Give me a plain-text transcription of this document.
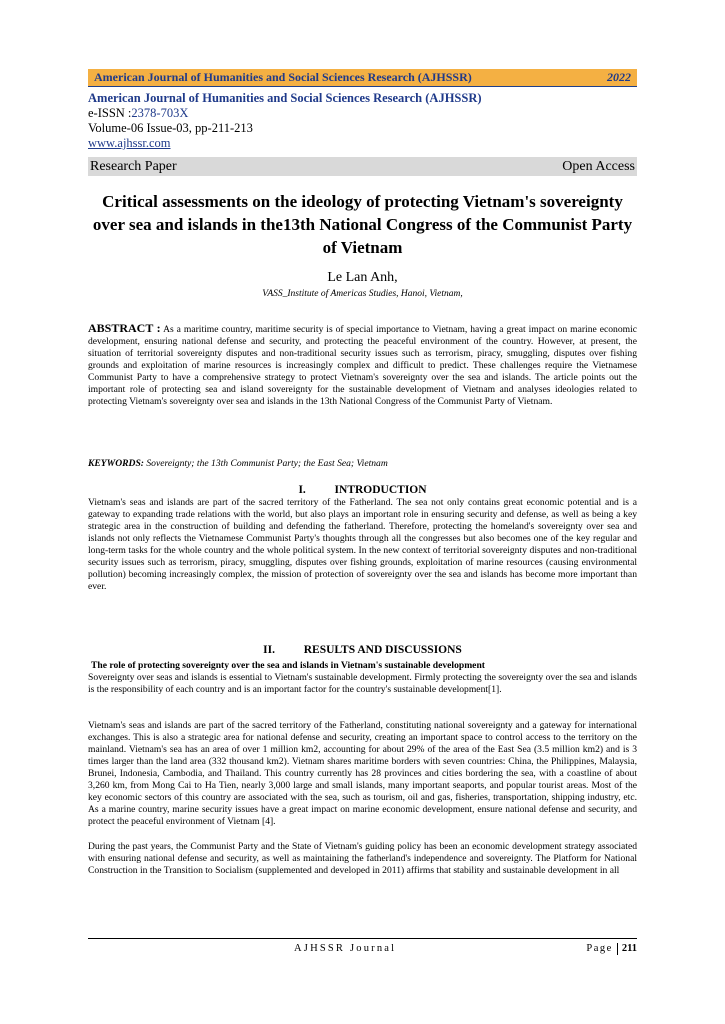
American Journal of Humanities and Social Sciences Research (AJHSSR)	2022
American Journal of Humanities and Social Sciences Research (AJHSSR)
e-ISSN :2378-703X
Volume-06 Issue-03, pp-211-213
www.ajhssr.com
Research Paper	Open Access
Critical assessments on the ideology of protecting Vietnam's sovereignty over sea and islands in the13th National Congress of the Communist Party of Vietnam
Le Lan Anh,
VASS_Institute of Americas Studies, Hanoi, Vietnam,
ABSTRACT : As a maritime country, maritime security is of special importance to Vietnam, having a great impact on marine economic development, ensuring national defense and security, and protecting the peaceful environment of the country. However, at present, the situation of territorial sovereignty disputes and non-traditional security issues such as terrorism, piracy, smuggling, disputes over fishing grounds and exploitation of marine resources is increasingly complex and difficult to predict. These challenges require the Vietnamese Communist Party to have a comprehensive strategy to protect Vietnam's sovereignty over the sea and islands. The article points out the important role of protecting sea and island sovereignty for the sustainable development of Vietnam and analyses ideologies related to protecting Vietnam's sovereignty over sea and islands in the 13th National Congress of the Communist Party of Vietnam.
KEYWORDS: Sovereignty; the 13th Communist Party; the East Sea; Vietnam
I.	INTRODUCTION
Vietnam's seas and islands are part of the sacred territory of the Fatherland. The sea not only contains great economic potential and is a gateway to expanding trade relations with the world, but also plays an important role in ensuring security and defense, as well as being a key strategic area in the construction of building and defending the fatherland. Therefore, protecting the homeland's sovereignty over sea and islands not only reflects the Vietnamese Communist Party's thoughts through all the congresses but also becomes one of the key regular and long-term tasks for the whole country and the whole political system. In the new context of territorial sovereignty disputes and non-traditional security issues such as terrorism, piracy, smuggling, disputes over fishing grounds, exploitation of marine resources (causing environmental pollution) becoming increasingly complex, the mission of protection of sovereignty over the sea and islands has become more important than ever.
II.	RESULTS AND DISCUSSIONS
The role of protecting sovereignty over the sea and islands in Vietnam's sustainable development
Sovereignty over seas and islands is essential to Vietnam's sustainable development. Firmly protecting the sovereignty over the sea and islands is the responsibility of each country and is an important factor for the country's sustainable development[1].
Vietnam's seas and islands are part of the sacred territory of the Fatherland, constituting national sovereignty and a gateway for international exchanges. This is also a strategic area for national defense and security, creating an important space to control access to the territory on the mainland. Vietnam's sea has an area of over 1 million km2, accounting for about 29% of the area of the East Sea (3.5 million km2) and is 3 times larger than the land area (332 thousand km2). Vietnam shares maritime borders with seven countries: China, the Philippines, Malaysia, Brunei, Indonesia, Cambodia, and Thailand. This country currently has 28 provinces and cities bordering the sea, with a coastline of about 3,260 km, from Mong Cai to Ha Tien, nearly 3,000 large and small islands, many important seaports, and popular tourist areas. Most of the key economic sectors of this country are associated with the sea, such as tourism, oil and gas, fisheries, transportation, shipping industry, etc. As a marine country, marine security issues have a great impact on marine economic development, ensure national defense and security, and protect the peaceful environment of Vietnam [4].
During the past years, the Communist Party and the State of Vietnam's guiding policy has been an economic development strategy associated with ensuring national defense and security, as well as maintaining the fatherland's independence and sovereignty. The Platform for National Construction in the Transition to Socialism (supplemented and developed in 2011) affirms that stability and sustainable development in all
AJHSSR Journal	Page 211
